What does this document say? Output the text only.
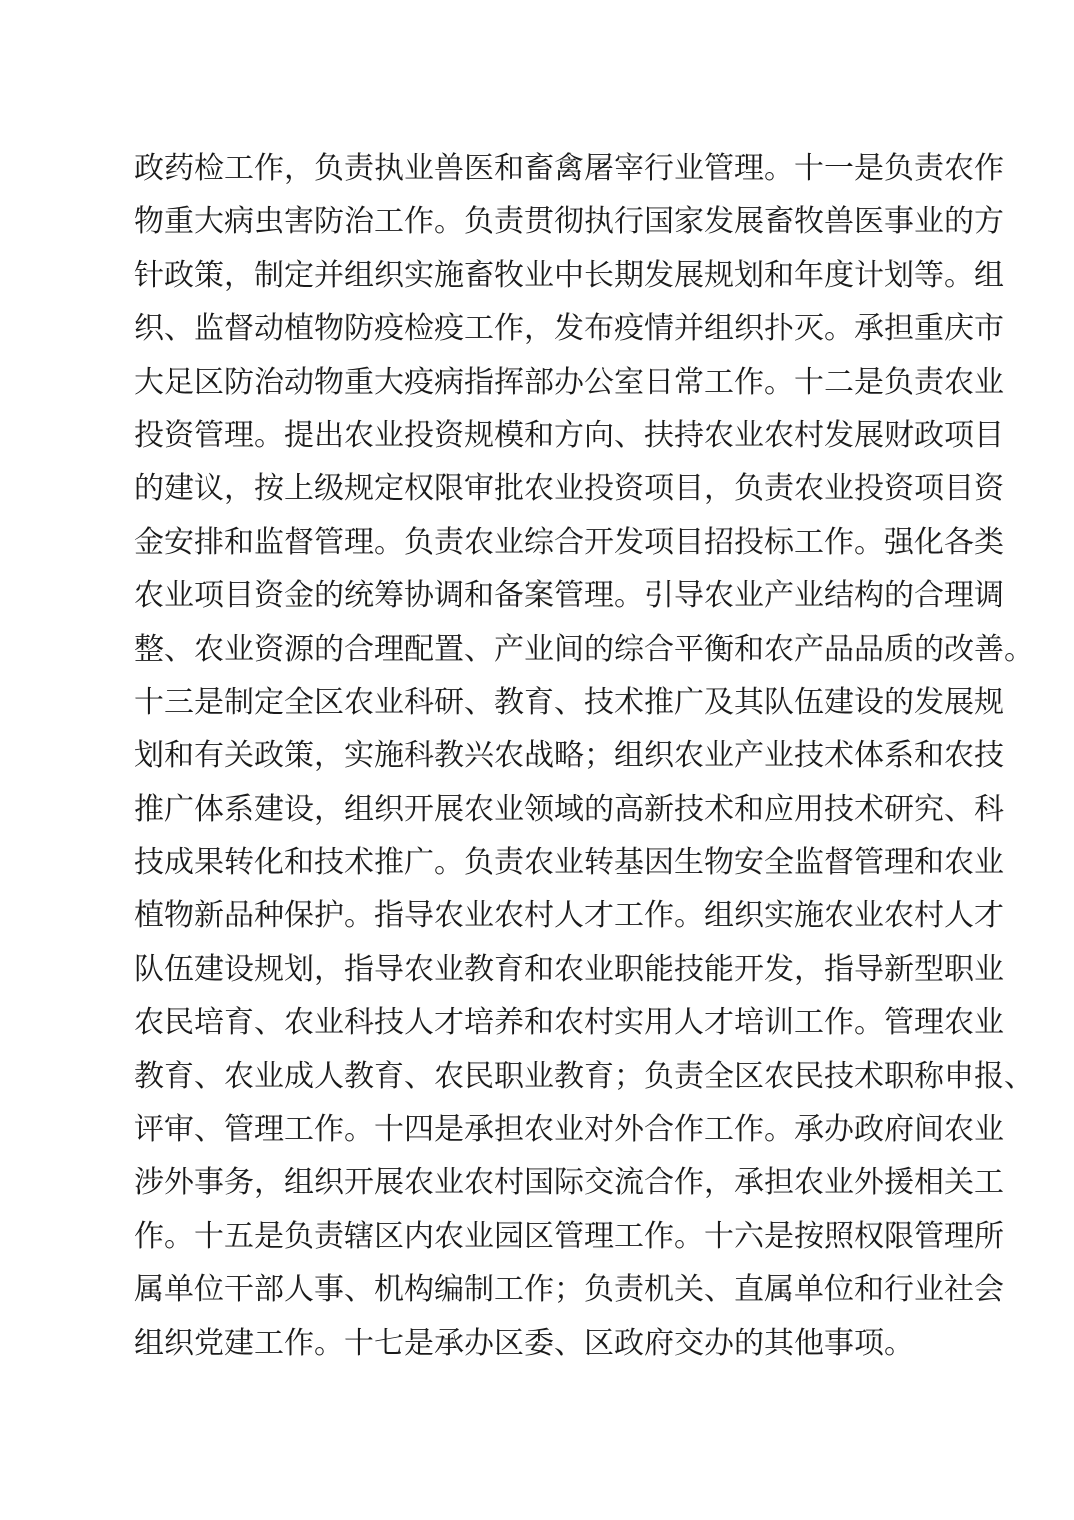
政药检工作，负责执业兽医和畜禽屠宰行业管理。十一是负责农作
物重大病虫害防治工作。负责贯彻执行国家发展畜牧兽医事业的方
针政策，制定并组织实施畜牧业中长期发展规划和年度计划等。组
织、监督动植物防疫检疫工作，发布疫情并组织扑灭。承担重庆市
大足区防治动物重大疫病指挥部办公室日常工作。十二是负责农业
投资管理。提出农业投资规模和方向、扶持农业农村发展财政项目
的建议，按上级规定权限审批农业投资项目，负责农业投资项目资
金安排和监督管理。负责农业综合开发项目招投标工作。强化各类
农业项目资金的统筹协调和备案管理。引导农业产业结构的合理调
整、农业资源的合理配置、产业间的综合平衡和农产品品质的改善。
十三是制定全区农业科研、教育、技术推广及其队伍建设的发展规
划和有关政策，实施科教兴农战略；组织农业产业技术体系和农技
推广体系建设，组织开展农业领域的高新技术和应用技术研究、科
技成果转化和技术推广。负责农业转基因生物安全监督管理和农业
植物新品种保护。指导农业农村人才工作。组织实施农业农村人才
队伍建设规划，指导农业教育和农业职能技能开发，指导新型职业
农民培育、农业科技人才培养和农村实用人才培训工作。管理农业
教育、农业成人教育、农民职业教育；负责全区农民技术职称申报、
评审、管理工作。十四是承担农业对外合作工作。承办政府间农业
涉外事务，组织开展农业农村国际交流合作，承担农业外援相关工
作。十五是负责辖区内农业园区管理工作。十六是按照权限管理所
属单位干部人事、机构编制工作；负责机关、直属单位和行业社会
组织党建工作。十七是承办区委、区政府交办的其他事项。
